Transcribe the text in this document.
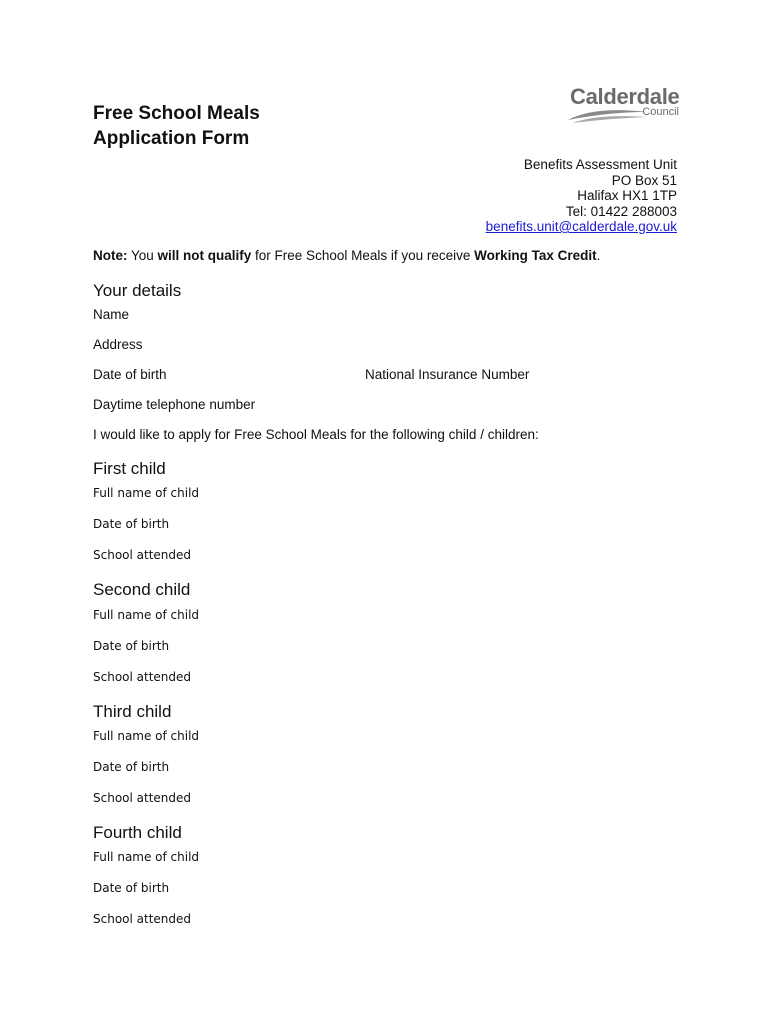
Free School Meals
Application Form
Calderdale
Council
Benefits Assessment Unit
PO Box 51
Halifax HX1 1TP
Tel: 01422 288003
benefits.unit@calderdale.gov.uk
Note: You will not qualify for Free School Meals if you receive Working Tax Credit.
Your details
Name
Address
Date of birth	National Insurance Number
Daytime telephone number
I would like to apply for Free School Meals for the following child / children:
First child
Full name of child
Date of birth
School attended
Second child
Full name of child
Date of birth
School attended
Third child
Full name of child
Date of birth
School attended
Fourth child
Full name of child
Date of birth
School attended
